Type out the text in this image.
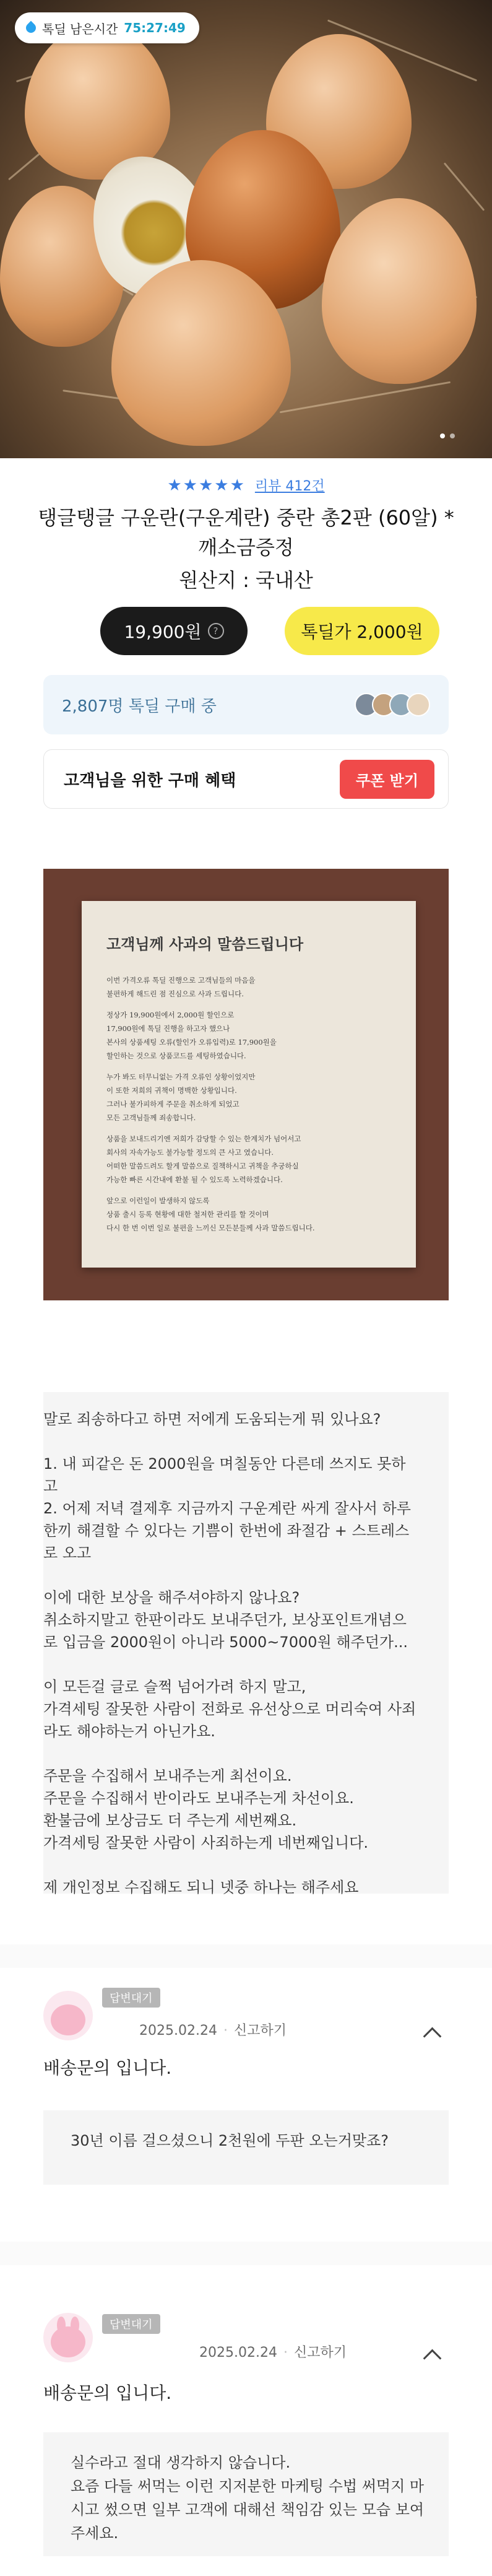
톡딜 남은시간 75:27:49
★★★★★ 리뷰 412건
탱글탱글 구운란(구운계란) 중란 총2판 (60알) *깨소금증정
원산지 : 국내산
19,900원	?	톡딜가 2,000원
2,807명 톡딜 구매 중
고객님을 위한 구매 혜택	쿠폰 받기
고객님께 사과의 말씀드립니다

이번 가격오류 톡딜 진행으로 고객님들의 마음을
불편하게 해드린 점 진심으로 사과 드립니다.

정상가 19,900원에서 2,000원 할인으로
17,900원에 톡딜 진행을 하고자 했으나
본사의 상품세팅 오류(할인가 오류입력)로 17,900원을
할인하는 것으로 상품코드를 세팅하였습니다.

누가 봐도 터무니없는 가격 오류인 상황이었지만
이 또한 저희의 귀책이 명백한 상황입니다.
그러나 불가피하게 주문을 취소하게 되었고
모든 고객님들께 죄송합니다.

상품을 보내드리기엔 저희가 감당할 수 있는 한계치가 넘어서고
회사의 자속가능도 불가능할 정도의 큰 사고 였습니다.
어떠한 말씀드려도 할게 말씀으로 질책하시고 귀책을 추궁하실
가능한 빠른 시간내에 환불 될 수 있도록 노력하겠습니다.

앞으로 이런일이 발생하지 않도록
상품 출시 등록 현황에 대한 철저한 관리를 할 것이며
다시 한 번 이번 일로 불편을 느끼신 모든분들께 사과 말씀드립니다.

말로 죄송하다고 하면 저에게 도움되는게 뭐 있나요?

1. 내 피같은 돈 2000원을 며칠동안 다른데 쓰지도 못하고
2. 어제 저녁 결제후 지금까지 구운계란 싸게 잘사서 하루한끼 해결할 수 있다는 기쁨이 한번에 좌절감 + 스트레스로 오고

이에 대한 보상을 해주셔야하지 않나요?
취소하지말고 한판이라도 보내주던가, 보상포인트개념으로 입금을 2000원이 아니라 5000~7000원 해주던가...

이 모든걸 글로 슬쩍 넘어가려 하지 말고,
가격세팅 잘못한 사람이 전화로 유선상으로 머리숙여 사죄라도 해야하는거 아닌가요.

주문을 수집해서 보내주는게 최선이요.
주문을 수집해서 반이라도 보내주는게 차선이요.
환불금에 보상금도 더 주는게 세번째요.
가격세팅 잘못한 사람이 사죄하는게 네번째입니다.

제 개인정보 수집해도 되니 넷중 하나는 해주세요

답변대기
2025.02.24 · 신고하기
배송문의 입니다.
30년 이름 걸으셨으니 2천원에 두판 오는거맞죠?
답변대기
2025.02.24 · 신고하기
배송문의 입니다.
실수라고 절대 생각하지 않습니다.
요즘 다들 써먹는 이런 지저분한 마케팅 수법 써먹지 마시고 썼으면 일부 고객에 대해선 책임감 있는 모습 보여주세요.
